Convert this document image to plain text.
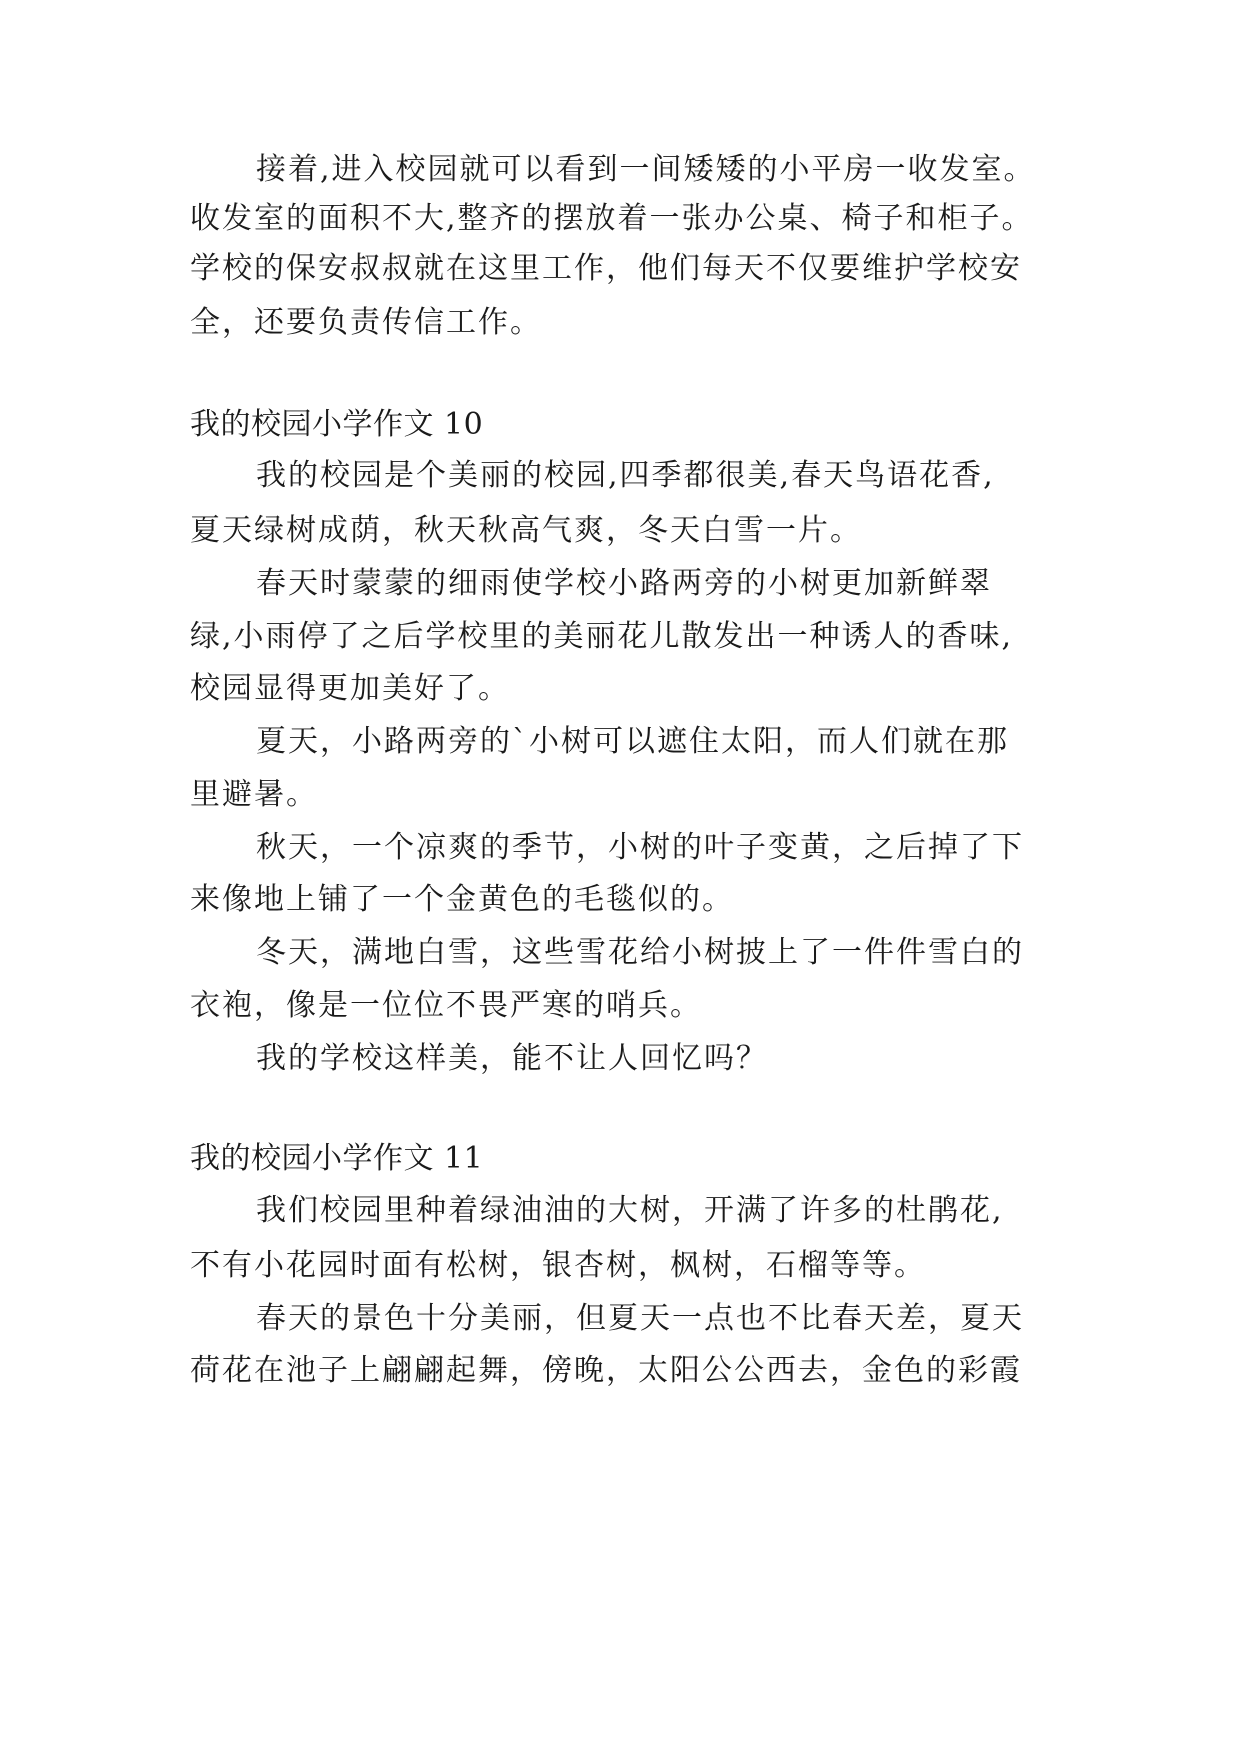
接着,进入校园就可以看到一间矮矮的小平房一收发室。
收发室的面积不大,整齐的摆放着一张办公桌、椅子和柜子。
学校的保安叔叔就在这里工作，他们每天不仅要维护学校安
全，还要负责传信工作。
我的校园小学作文 10
我的校园是个美丽的校园,四季都很美,春天鸟语花香,
夏天绿树成荫，秋天秋高气爽，冬天白雪一片。
春天时蒙蒙的细雨使学校小路两旁的小树更加新鲜翠
绿,小雨停了之后学校里的美丽花儿散发出一种诱人的香味,
校园显得更加美好了。
夏天，小路两旁的`小树可以遮住太阳，而人们就在那
里避暑。
秋天，一个凉爽的季节，小树的叶子变黄，之后掉了下
来像地上铺了一个金黄色的毛毯似的。
冬天，满地白雪，这些雪花给小树披上了一件件雪白的
衣袍，像是一位位不畏严寒的哨兵。
我的学校这样美，能不让人回忆吗？
我的校园小学作文 11
我们校园里种着绿油油的大树，开满了许多的杜鹃花,
不有小花园时面有松树，银杏树，枫树，石榴等等。
春天的景色十分美丽，但夏天一点也不比春天差，夏天
荷花在池子上翩翩起舞，傍晚，太阳公公西去，金色的彩霞
